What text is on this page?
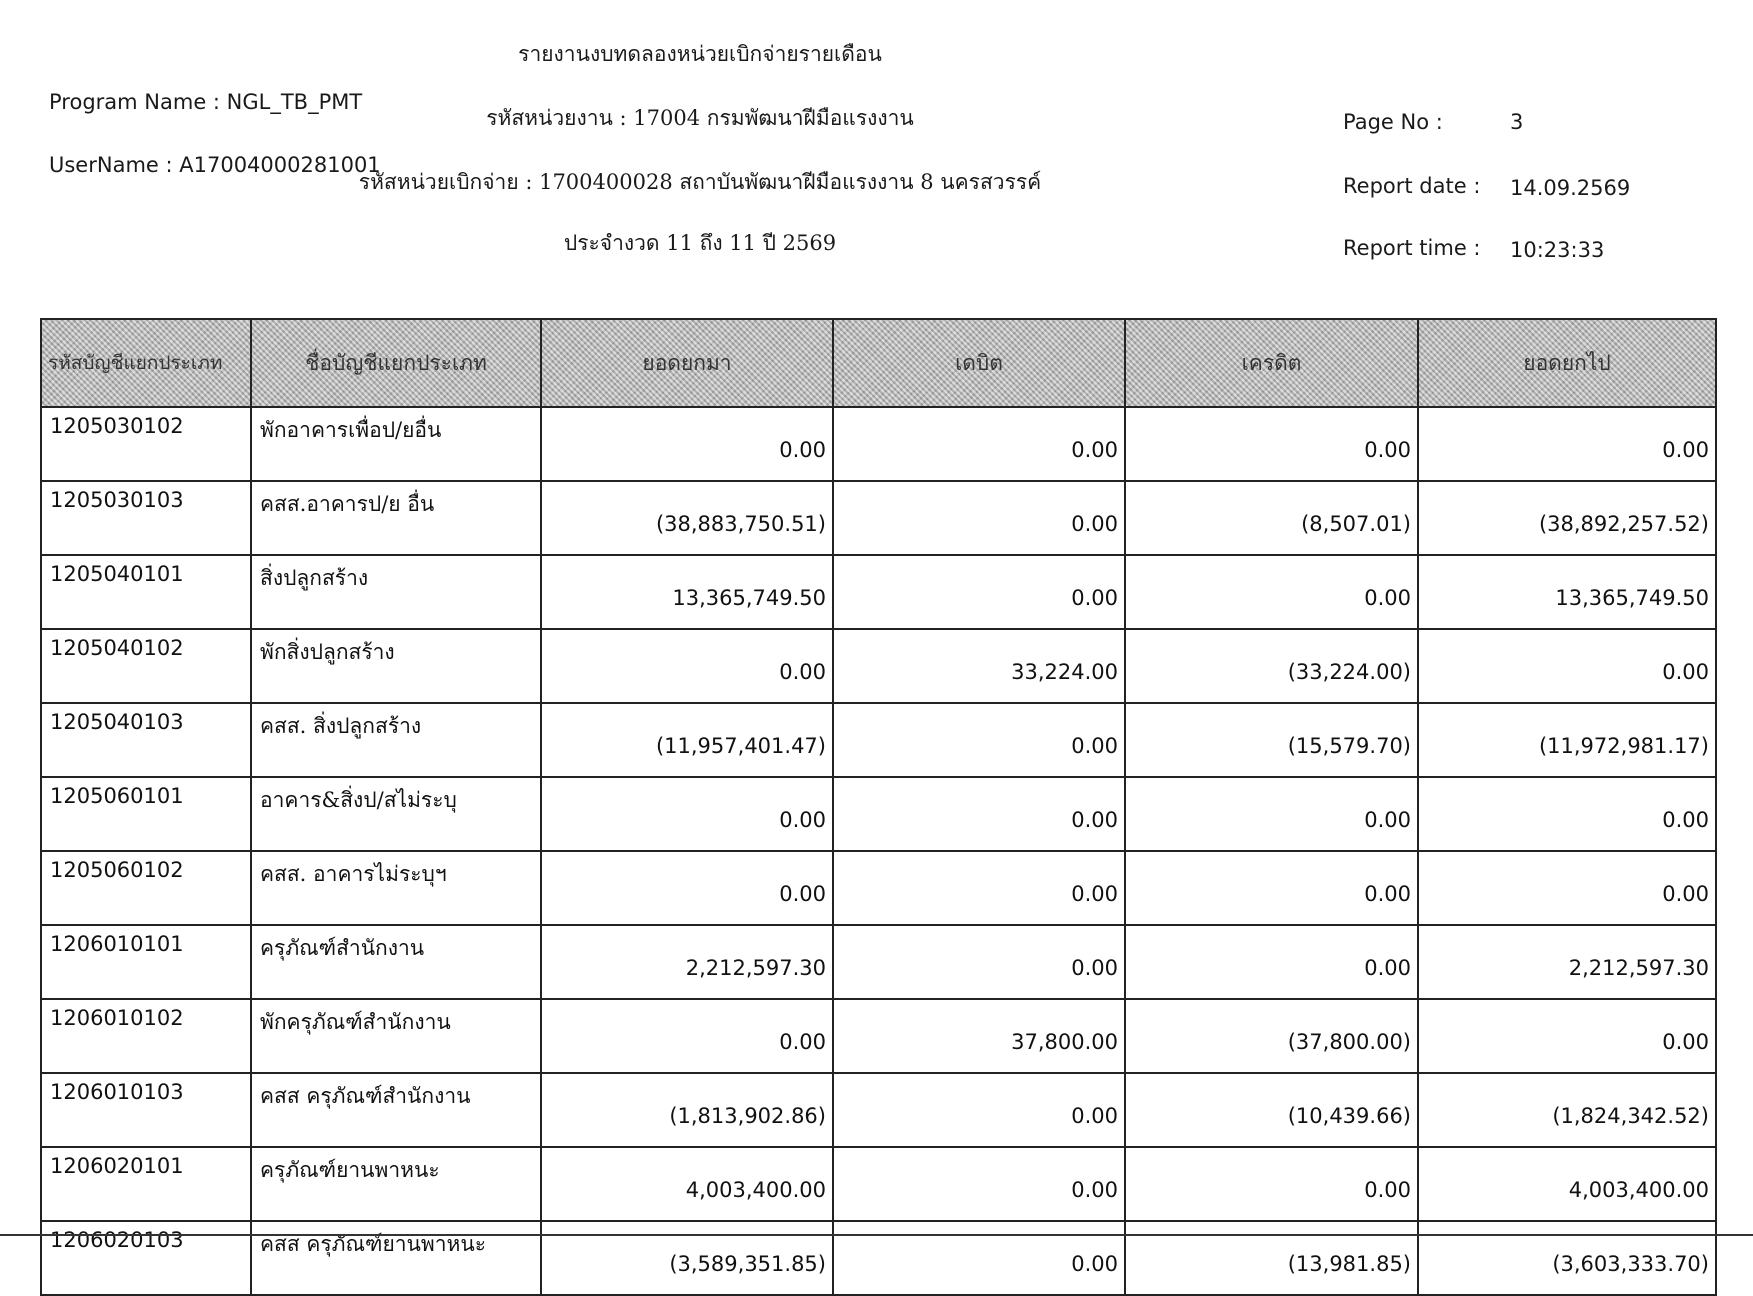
Program Name : NGL_TB_PMT
UserName : A17004000281001
รายงานงบทดลองหน่วยเบิกจ่ายรายเดือน
รหัสหน่วยงาน : 17004 กรมพัฒนาฝีมือแรงงาน
รหัสหน่วยเบิกจ่าย : 1700400028 สถาบันพัฒนาฝีมือแรงงาน 8 นครสวรรค์
ประจำงวด 11 ถึง 11 ปี 2569
Page No :	3
Report date : 14.09.2569
Report time : 10:23:33
รหัสบัญชีแยกประเภท	ชื่อบัญชีแยกประเภท	ยอดยกมา	เดบิต	เครดิต	ยอดยกไป
1205030102	พักอาคารเพื่อป/ยอื่น	0.00	0.00	0.00	0.00
1205030103	คสส.อาคารป/ย อื่น	(38,883,750.51)	0.00	(8,507.01)	(38,892,257.52)
1205040101	สิ่งปลูกสร้าง	13,365,749.50	0.00	0.00	13,365,749.50
1205040102	พักสิ่งปลูกสร้าง	0.00	33,224.00	(33,224.00)	0.00
1205040103	คสส. สิ่งปลูกสร้าง	(11,957,401.47)	0.00	(15,579.70)	(11,972,981.17)
1205060101	อาคาร&สิ่งป/สไม่ระบุ	0.00	0.00	0.00	0.00
1205060102	คสส. อาคารไม่ระบุฯ	0.00	0.00	0.00	0.00
1206010101	ครุภัณฑ์สำนักงาน	2,212,597.30	0.00	0.00	2,212,597.30
1206010102	พักครุภัณฑ์สำนักงาน	0.00	37,800.00	(37,800.00)	0.00
1206010103	คสส ครุภัณฑ์สำนักงาน	(1,813,902.86)	0.00	(10,439.66)	(1,824,342.52)
1206020101	ครุภัณฑ์ยานพาหนะ	4,003,400.00	0.00	0.00	4,003,400.00
1206020103	คสส ครุภัณฑ์ยานพาหนะ	(3,589,351.85)	0.00	(13,981.85)	(3,603,333.70)
